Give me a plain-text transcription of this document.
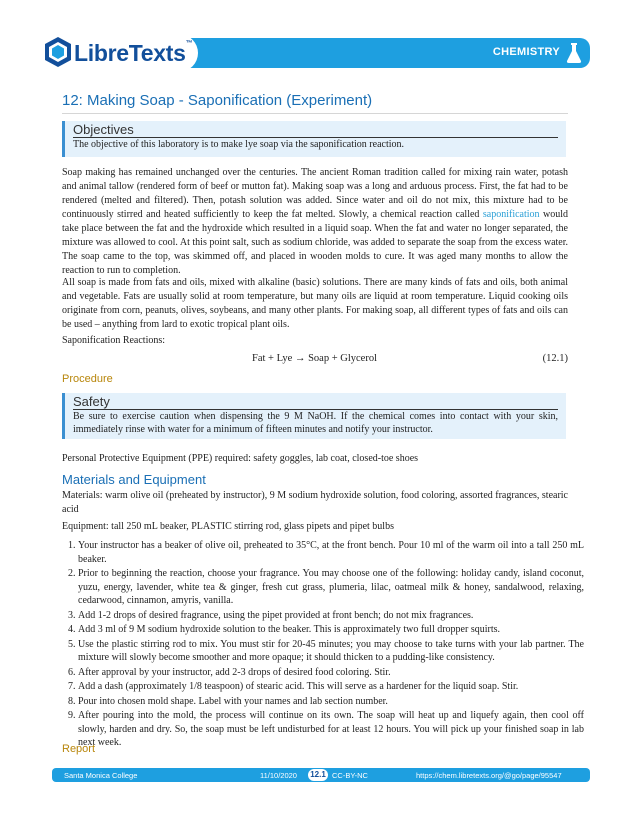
LibreTexts™
CHEMISTRY
12: Making Soap - Saponification (Experiment)
Objectives
The objective of this laboratory is to make lye soap via the saponification reaction.

Soap making has remained unchanged over the centuries. The ancient Roman tradition called for mixing rain water, potash and animal tallow (rendered form of beef or mutton fat). Making soap was a long and arduous process. First, the fat had to be rendered (melted and filtered). Then, potash solution was added. Since water and oil do not mix, this mixture had to be continuously stirred and heated sufficiently to keep the fat melted. Slowly, a chemical reaction called saponification would take place between the fat and the hydroxide which resulted in a liquid soap. When the fat and water no longer separated, the mixture was allowed to cool. At this point salt, such as sodium chloride, was added to separate the soap from the excess water. The soap came to the top, was skimmed off, and placed in wooden molds to cure. It was aged many months to allow the reaction to run to completion.

All soap is made from fats and oils, mixed with alkaline (basic) solutions. There are many kinds of fats and oils, both animal and vegetable. Fats are usually solid at room temperature, but many oils are liquid at room temperature. Liquid cooking oils originate from corn, peanuts, olives, soybeans, and many other plants. For making soap, all different types of fats and oils can be used – anything from lard to exotic tropical plant oils.

Saponification Reactions:

Fat + Lye → Soap + Glycerol	(12.1)
Procedure
Safety
Be sure to exercise caution when dispensing the 9 M NaOH. If the chemical comes into contact with your skin, immediately rinse with water for a minimum of fifteen minutes and notify your instructor.

Personal Protective Equipment (PPE) required: safety goggles, lab coat, closed-toe shoes

Materials and Equipment

Materials: warm olive oil (preheated by instructor), 9 M sodium hydroxide solution, food coloring, assorted fragrances, stearic acid

Equipment: tall 250 mL beaker, PLASTIC stirring rod, glass pipets and pipet bulbs

1. Your instructor has a beaker of olive oil, preheated to 35°C, at the front bench. Pour 10 ml of the warm oil into a tall 250 mL beaker.
2. Prior to beginning the reaction, choose your fragrance. You may choose one of the following: holiday candy, island coconut, yuzu, energy, lavender, white tea & ginger, fresh cut grass, plumeria, lilac, oatmeal milk & honey, sandalwood, relaxing, cedarwood, cinnamon, amyris, vanilla.
3. Add 1-2 drops of desired fragrance, using the pipet provided at front bench; do not mix fragrances.
4. Add 3 ml of 9 M sodium hydroxide solution to the beaker. This is approximately two full dropper squirts.
5. Use the plastic stirring rod to mix. You must stir for 20-45 minutes; you may choose to take turns with your lab partner. The mixture will slowly become smoother and more opaque; it should thicken to a pudding-like consistency.
6. After approval by your instructor, add 2-3 drops of desired food coloring. Stir.
7. Add a dash (approximately 1/8 teaspoon) of stearic acid. This will serve as a hardener for the liquid soap. Stir.
8. Pour into chosen mold shape. Label with your names and lab section number.
9. After pouring into the mold, the process will continue on its own. The soap will heat up and liquefy again, then cool off slowly, harden and dry. So, the soap must be left undisturbed for at least 12 hours. You will pick up your finished soap in lab next week.
Report
Santa Monica College	11/10/2020 12.1 CC-BY-NC	https://chem.libretexts.org/@go/page/95547
